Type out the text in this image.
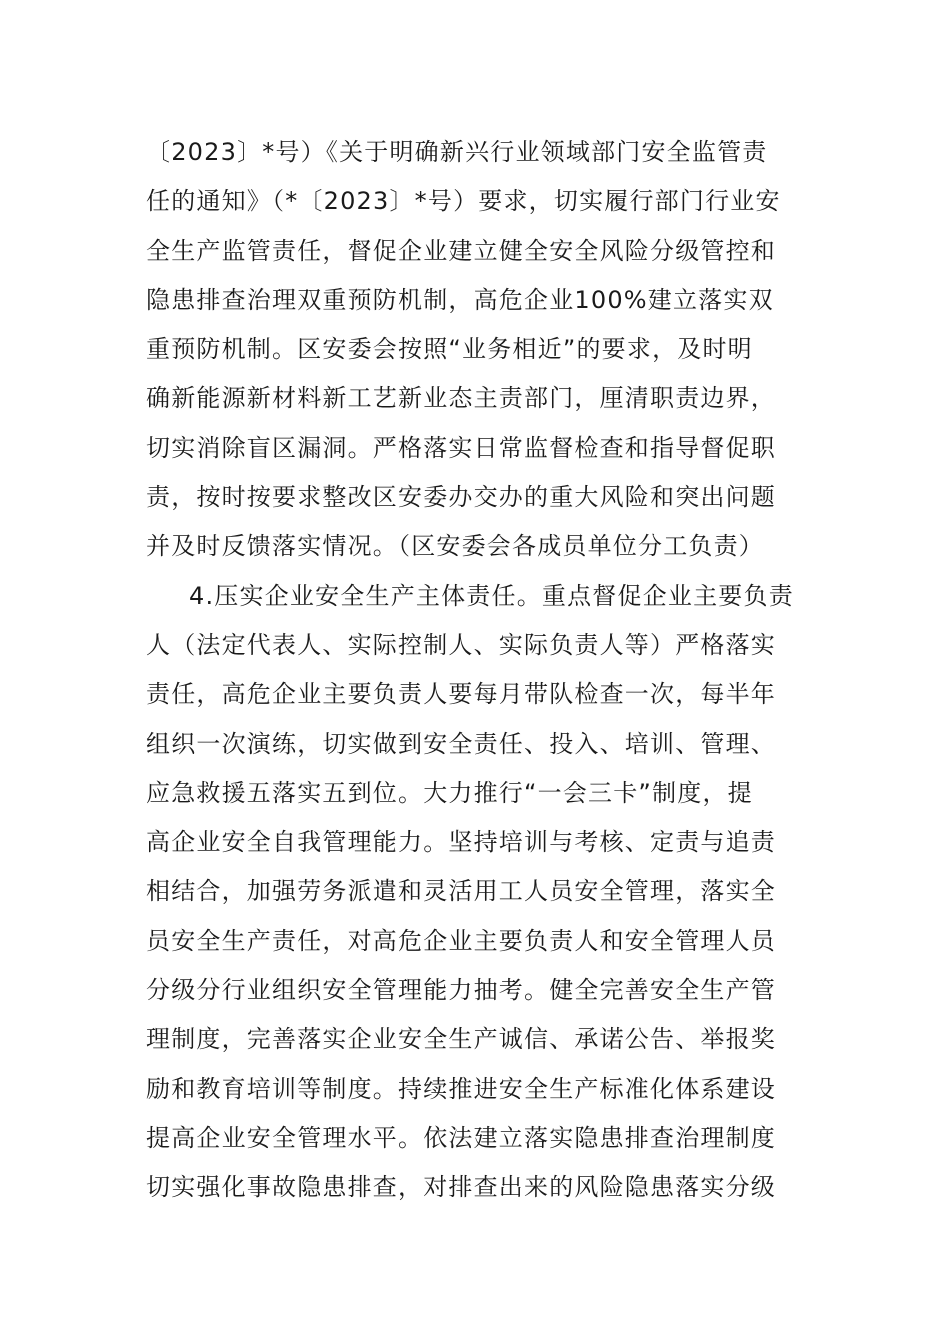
〔2023〕*号）《关于明确新兴行业领域部门安全监管责
任的通知》（*〔2023〕*号）要求，切实履行部门行业安
全生产监管责任，督促企业建立健全安全风险分级管控和
隐患排查治理双重预防机制，高危企业100%建立落实双
重预防机制。区安委会按照“业务相近”的要求，及时明
确新能源新材料新工艺新业态主责部门，厘清职责边界，
切实消除盲区漏洞。严格落实日常监督检查和指导督促职
责，按时按要求整改区安委办交办的重大风险和突出问题
并及时反馈落实情况。（区安委会各成员单位分工负责）
4.压实企业安全生产主体责任。重点督促企业主要负责
人（法定代表人、实际控制人、实际负责人等）严格落实
责任，高危企业主要负责人要每月带队检查一次，每半年
组织一次演练，切实做到安全责任、投入、培训、管理、
应急救援五落实五到位。大力推行“一会三卡”制度，提
高企业安全自我管理能力。坚持培训与考核、定责与追责
相结合，加强劳务派遣和灵活用工人员安全管理，落实全
员安全生产责任，对高危企业主要负责人和安全管理人员
分级分行业组织安全管理能力抽考。健全完善安全生产管
理制度，完善落实企业安全生产诚信、承诺公告、举报奖
励和教育培训等制度。持续推进安全生产标准化体系建设
提高企业安全管理水平。依法建立落实隐患排查治理制度
切实强化事故隐患排查，对排查出来的风险隐患落实分级
